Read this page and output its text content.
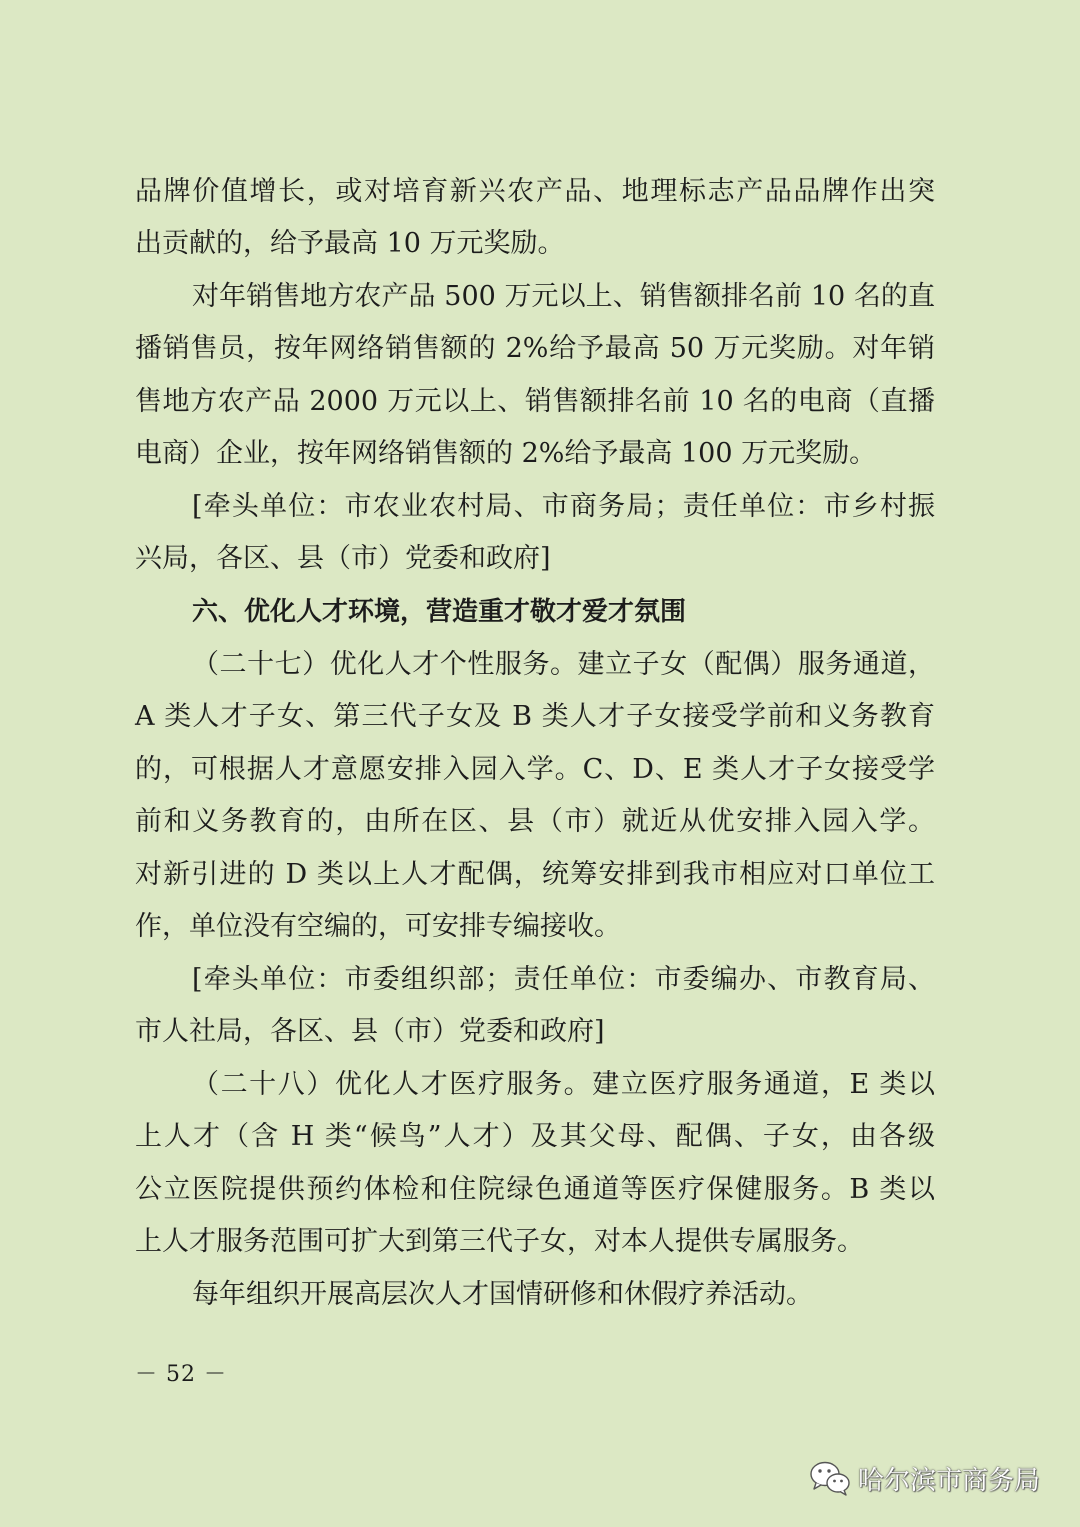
品牌价值增长，或对培育新兴农产品、地理标志产品品牌作出突
出贡献的，给予最高 10 万元奖励。
对年销售地方农产品 500 万元以上、销售额排名前 10 名的直
播销售员，按年网络销售额的 2%给予最高 50 万元奖励。对年销
售地方农产品 2000 万元以上、销售额排名前 10 名的电商（直播
电商）企业，按年网络销售额的 2%给予最高 100 万元奖励。
[牵头单位：市农业农村局、市商务局；责任单位：市乡村振
兴局，各区、县（市）党委和政府]
六、优化人才环境，营造重才敬才爱才氛围
（二十七）优化人才个性服务。建立子女（配偶）服务通道，
A 类人才子女、第三代子女及 B 类人才子女接受学前和义务教育
的，可根据人才意愿安排入园入学。C、D、E 类人才子女接受学
前和义务教育的，由所在区、县（市）就近从优安排入园入学。
对新引进的 D 类以上人才配偶，统筹安排到我市相应对口单位工
作，单位没有空编的，可安排专编接收。
[牵头单位：市委组织部；责任单位：市委编办、市教育局、
市人社局，各区、县（市）党委和政府]
（二十八）优化人才医疗服务。建立医疗服务通道，E 类以
上人才（含 H 类“候鸟”人才）及其父母、配偶、子女，由各级
公立医院提供预约体检和住院绿色通道等医疗保健服务。B 类以
上人才服务范围可扩大到第三代子女，对本人提供专属服务。
每年组织开展高层次人才国情研修和休假疗养活动。
－ 52 －
哈尔滨市商务局
